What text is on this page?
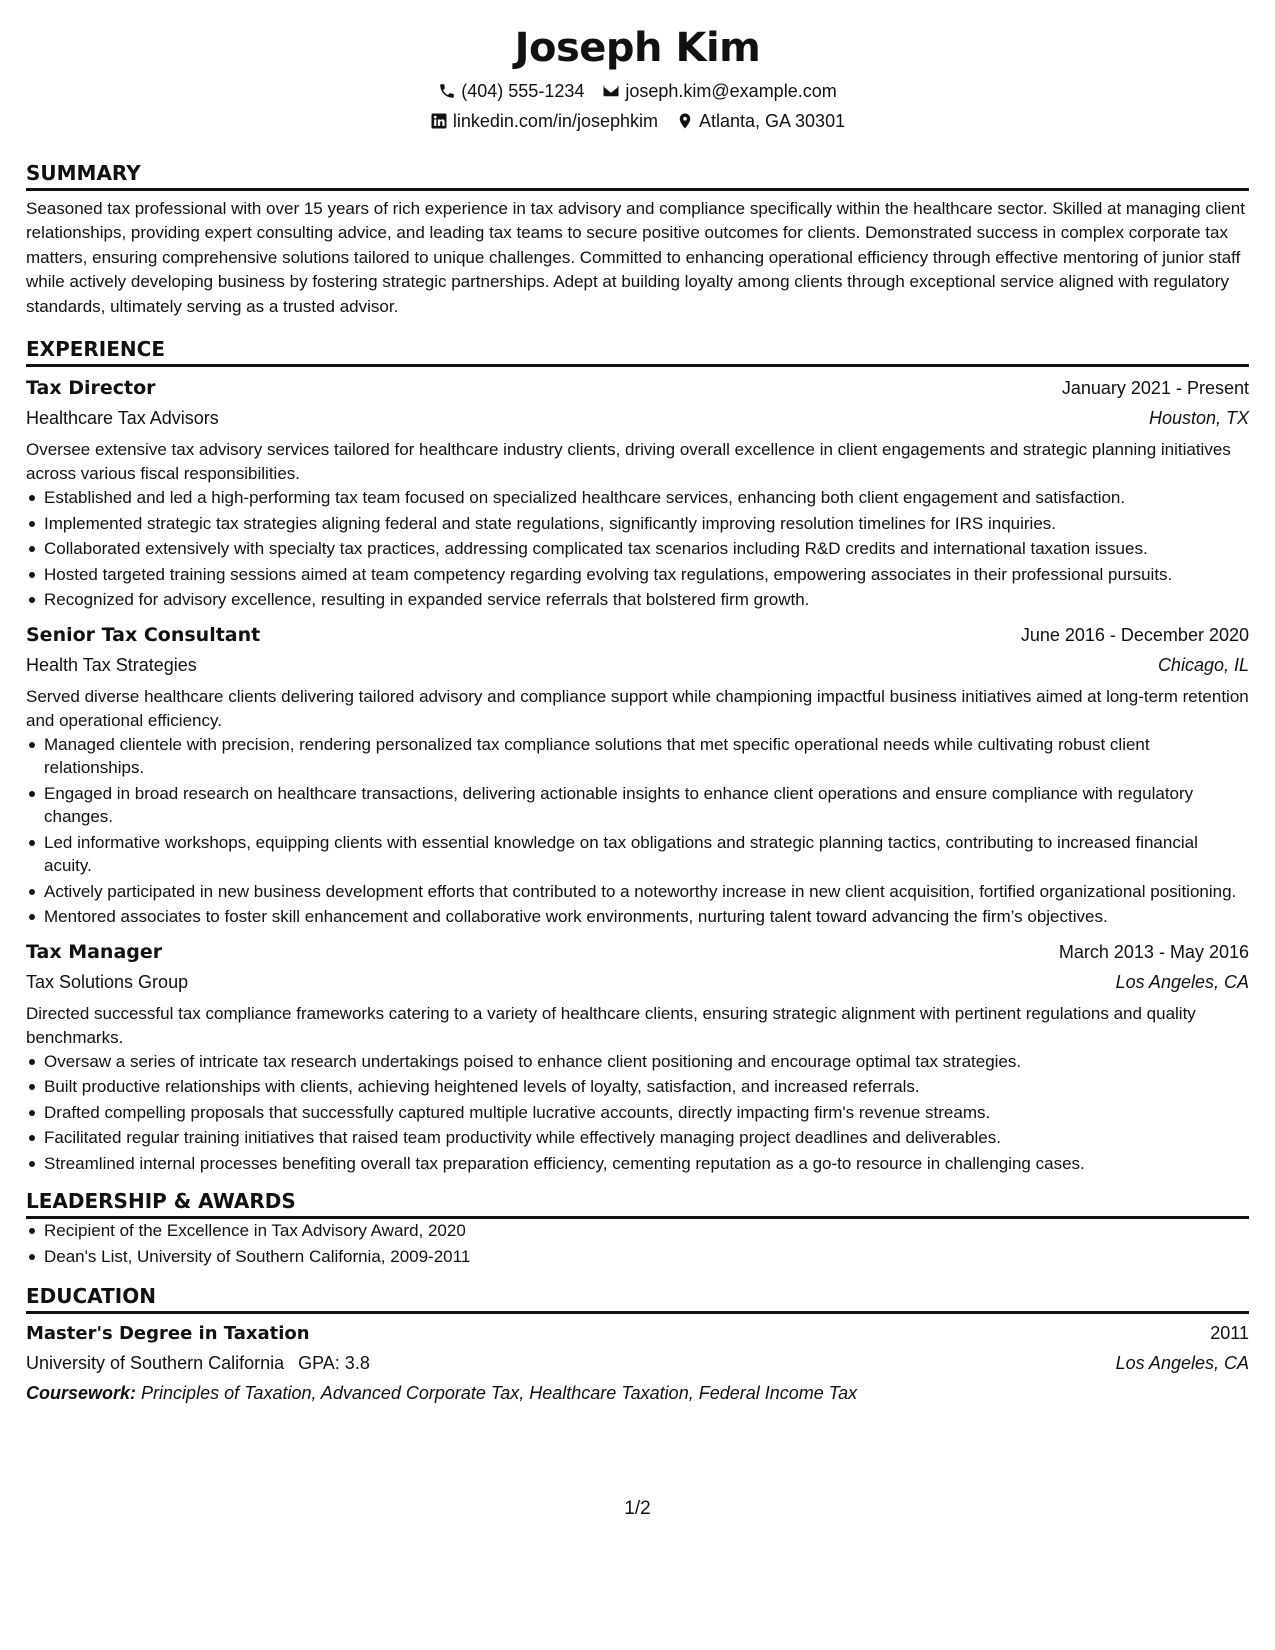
Joseph Kim
(404) 555-1234 joseph.kim@example.com
linkedin.com/in/josephkim Atlanta, GA 30301
SUMMARY

Seasoned tax professional with over 15 years of rich experience in tax advisory and compliance specifically within the healthcare sector. Skilled at managing client relationships, providing expert consulting advice, and leading tax teams to secure positive outcomes for clients. Demonstrated success in complex corporate tax matters, ensuring comprehensive solutions tailored to unique challenges. Committed to enhancing operational efficiency through effective mentoring of junior staff while actively developing business by fostering strategic partnerships. Adept at building loyalty among clients through exceptional service aligned with regulatory standards, ultimately serving as a trusted advisor.

EXPERIENCE
Tax Director	January 2021 - Present
Healthcare Tax Advisors	Houston, TX

Oversee extensive tax advisory services tailored for healthcare industry clients, driving overall excellence in client engagements and strategic planning initiatives across various fiscal responsibilities.

Established and led a high-performing tax team focused on specialized healthcare services, enhancing both client engagement and satisfaction.
Implemented strategic tax strategies aligning federal and state regulations, significantly improving resolution timelines for IRS inquiries.
Collaborated extensively with specialty tax practices, addressing complicated tax scenarios including R&D credits and international taxation issues.
Hosted targeted training sessions aimed at team competency regarding evolving tax regulations, empowering associates in their professional pursuits.
Recognized for advisory excellence, resulting in expanded service referrals that bolstered firm growth.
Senior Tax Consultant	June 2016 - December 2020
Health Tax Strategies	Chicago, IL

Served diverse healthcare clients delivering tailored advisory and compliance support while championing impactful business initiatives aimed at long-term retention and operational efficiency.

Managed clientele with precision, rendering personalized tax compliance solutions that met specific operational needs while cultivating robust client relationships.
Engaged in broad research on healthcare transactions, delivering actionable insights to enhance client operations and ensure compliance with regulatory changes.
Led informative workshops, equipping clients with essential knowledge on tax obligations and strategic planning tactics, contributing to increased financial acuity.
Actively participated in new business development efforts that contributed to a noteworthy increase in new client acquisition, fortified organizational positioning.
Mentored associates to foster skill enhancement and collaborative work environments, nurturing talent toward advancing the firm’s objectives.
Tax Manager	March 2013 - May 2016
Tax Solutions Group	Los Angeles, CA

Directed successful tax compliance frameworks catering to a variety of healthcare clients, ensuring strategic alignment with pertinent regulations and quality benchmarks.

Oversaw a series of intricate tax research undertakings poised to enhance client positioning and encourage optimal tax strategies.
Built productive relationships with clients, achieving heightened levels of loyalty, satisfaction, and increased referrals.
Drafted compelling proposals that successfully captured multiple lucrative accounts, directly impacting firm's revenue streams.
Facilitated regular training initiatives that raised team productivity while effectively managing project deadlines and deliverables.
Streamlined internal processes benefiting overall tax preparation efficiency, cementing reputation as a go-to resource in challenging cases.
LEADERSHIP & AWARDS
Recipient of the Excellence in Tax Advisory Award, 2020
Dean's List, University of Southern California, 2009-2011
EDUCATION
Master's Degree in Taxation	2011
University of Southern California GPA: 3.8	Los Angeles, CA
Coursework: Principles of Taxation, Advanced Corporate Tax, Healthcare Taxation, Federal Income Tax
1/2
